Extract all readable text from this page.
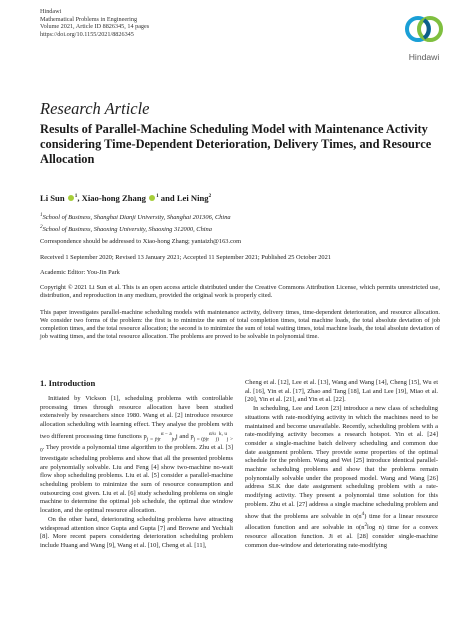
Hindawi
Mathematical Problems in Engineering
Volume 2021, Article ID 8826345, 14 pages
https://doi.org/10.1155/2021/8826345
Hindawi
Research Article
Results of Parallel-Machine Scheduling Model with Maintenance Activity considering Time-Dependent Deterioration, Delivery Times, and Resource Allocation
Li Sun $^1$, Xiao-hong Zhang $^1$ and Lei Ning$^2$
$^1$School of Business, Shanghai Dianji University, Shanghai 201306, China
$^2$School of Business, Shaoxing University, Shaoxing 312000, China
Correspondence should be addressed to Xiao-hong Zhang; yantaizh@163.com
Received 1 September 2020; Revised 13 January 2021; Accepted 11 September 2021; Published 25 October 2021
Academic Editor: You-Jin Park
Copyright © 2021 Li Sun et al. This is an open access article distributed under the Creative Commons Attribution License, which permits unrestricted use, distribution, and reproduction in any medium, provided the original work is properly cited.
This paper investigates parallel-machine scheduling models with maintenance activity, delivery times, time-dependent deterioration, and resource allocation. We consider two forms of the problem: the first is to minimize the sum of total completion times, total machine loads, the total absolute deviation of job completion times, and the total resource allocation; the second is to minimize the sum of total waiting times, total machine loads, the total absolute deviation of job waiting times, and the total resource allocation. The problems are proved to be solvable in polynomial time.
1. Introduction

Initiated by Vickson [1], scheduling problems with controllable processing times through resource allocation have been studied extensively by researchers since 1980. Wang et al. [2] introduce resource allocation scheduling with learning effect. They analyse the problem with two different processing time functions $p_{j = p̄jr}^{\alpha - a}_{ju}j$ and $p_{j = (p̄jr}^{\alpha/u}_{j)}^{k, u}_{j > 0}$. They provide a polynomial time algorithm to the problem. Zhu et al. [3] investigate scheduling problems and show that all the presented problems are polynomially solvable. Liu and Feng [4] show two-machine no-wait flow shop scheduling problems. Liu et al. [5] consider a parallel-machine scheduling problem to minimize the sum of resource consumption and outsourcing cost given. Liu et al. [6] study scheduling problems on single machine to determine the optimal job schedule, the optimal due window location, and the optimal resource allocation.

On the other hand, deteriorating scheduling problems have attracting widespread attention since Gupta and Gupta [7] and Browne and Yechiali [8]. More recent papers considering deterioration scheduling problem include Huang and Wang [9], Wang et al. [10], Cheng et al. [11],

Cheng et al. [12], Lee et al. [13], Wang and Wang [14], Cheng [15], Wu et al. [16], Yin et al. [17], Zhao and Tang [18], Lai and Lee [19], Miao et al. [20], Yin et al. [21], and Yin et al. [22].

In scheduling, Lee and Leon [23] introduce a new class of scheduling situations with rate-modifying activity in which the machines need to be maintained and become unavailable. Recently, scheduling problem with a rate-modifying activity becomes a research hotspot. Yin et al. [24] consider a single-machine batch delivery scheduling and common due date assignment problem. They provide some properties of the optimal schedule for the problem. Wang and Wei [25] introduce identical parallel-machine scheduling problems and show that the problems remain polynomially solvable under the proposed model. Wang and Wang [26] address SLK due date assignment scheduling problem with a rate-modifying activity. They present a polynomial time solution for this problem. Zhu et al. [27] address a single machine scheduling problem and show that the problems are solvable in $o(n^4)$ time for a linear resource allocation function and are solvable in $o(n^2\log$ n) time for a convex resource allocation function. Ji et al. [28] consider single-machine common due-window and deteriorating rate-modifying
